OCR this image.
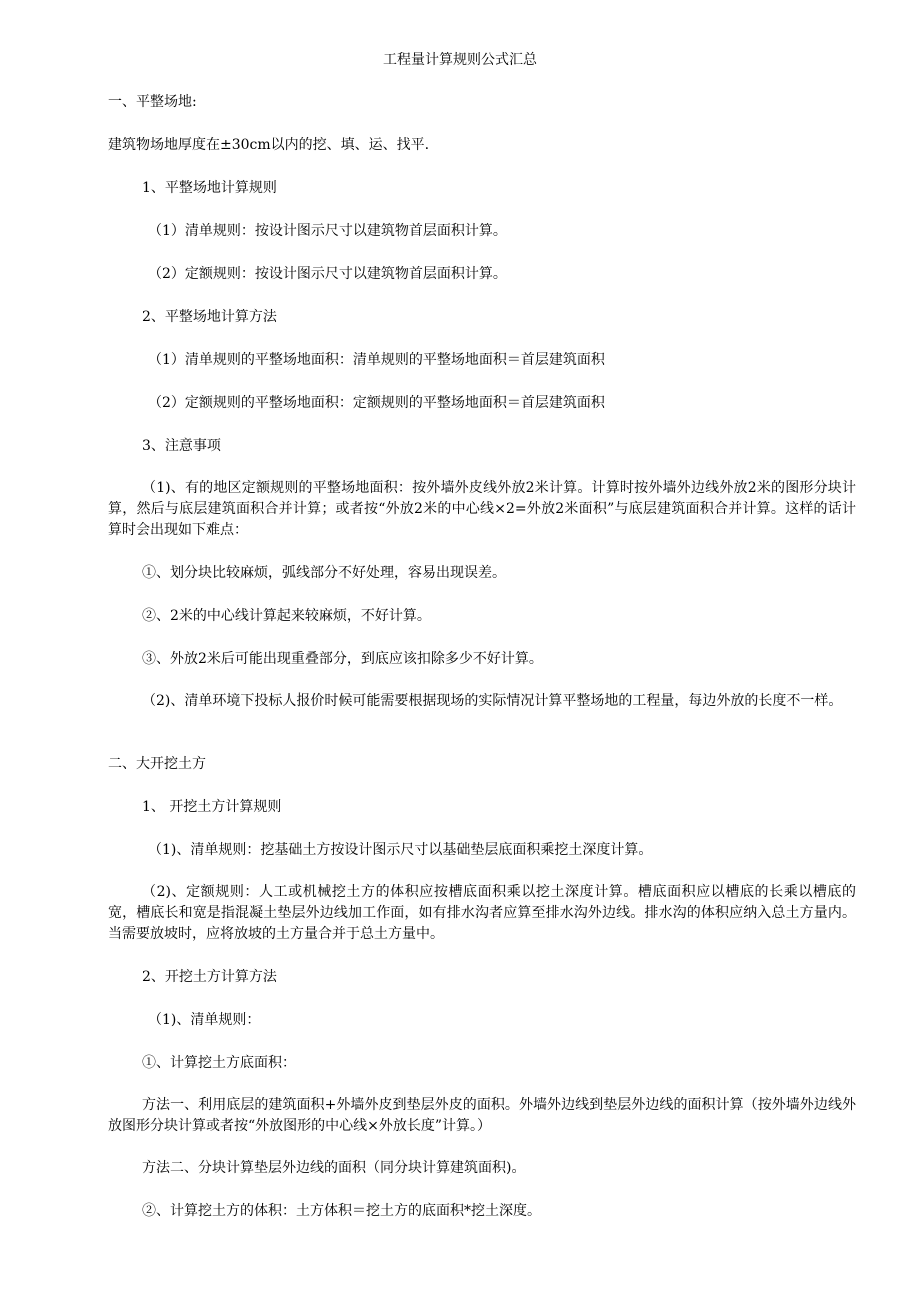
工程量计算规则公式汇总
一、平整场地:
建筑物场地厚度在±30cm以内的挖、填、运、找平.
1、平整场地计算规则
（1）清单规则：按设计图示尺寸以建筑物首层面积计算。
（2）定额规则：按设计图示尺寸以建筑物首层面积计算。
2、平整场地计算方法
（1）清单规则的平整场地面积：清单规则的平整场地面积＝首层建筑面积
（2）定额规则的平整场地面积：定额规则的平整场地面积＝首层建筑面积
3、注意事项
（1)、有的地区定额规则的平整场地面积：按外墙外皮线外放2米计算。计算时按外墙外边线外放2米的图形分块计算，然后与底层建筑面积合并计算；或者按“外放2米的中心线×2=外放2米面积”与底层建筑面积合并计算。这样的话计算时会出现如下难点：
①、划分块比较麻烦，弧线部分不好处理，容易出现误差。
②、2米的中心线计算起来较麻烦，不好计算。
③、外放2米后可能出现重叠部分，到底应该扣除多少不好计算。
（2)、清单环境下投标人报价时候可能需要根据现场的实际情况计算平整场地的工程量，每边外放的长度不一样。
二、大开挖土方
1、 开挖土方计算规则
（1)、清单规则：挖基础土方按设计图示尺寸以基础垫层底面积乘挖土深度计算。
（2)、定额规则：人工或机械挖土方的体积应按槽底面积乘以挖土深度计算。槽底面积应以槽底的长乘以槽底的宽，槽底长和宽是指混凝土垫层外边线加工作面，如有排水沟者应算至排水沟外边线。排水沟的体积应纳入总土方量内。当需要放坡时，应将放坡的土方量合并于总土方量中。
2、开挖土方计算方法
（1)、清单规则：
①、计算挖土方底面积：
方法一、利用底层的建筑面积+外墙外皮到垫层外皮的面积。外墙外边线到垫层外边线的面积计算（按外墙外边线外放图形分块计算或者按“外放图形的中心线×外放长度”计算。）
方法二、分块计算垫层外边线的面积（同分块计算建筑面积)。
②、计算挖土方的体积：土方体积＝挖土方的底面积*挖土深度。
